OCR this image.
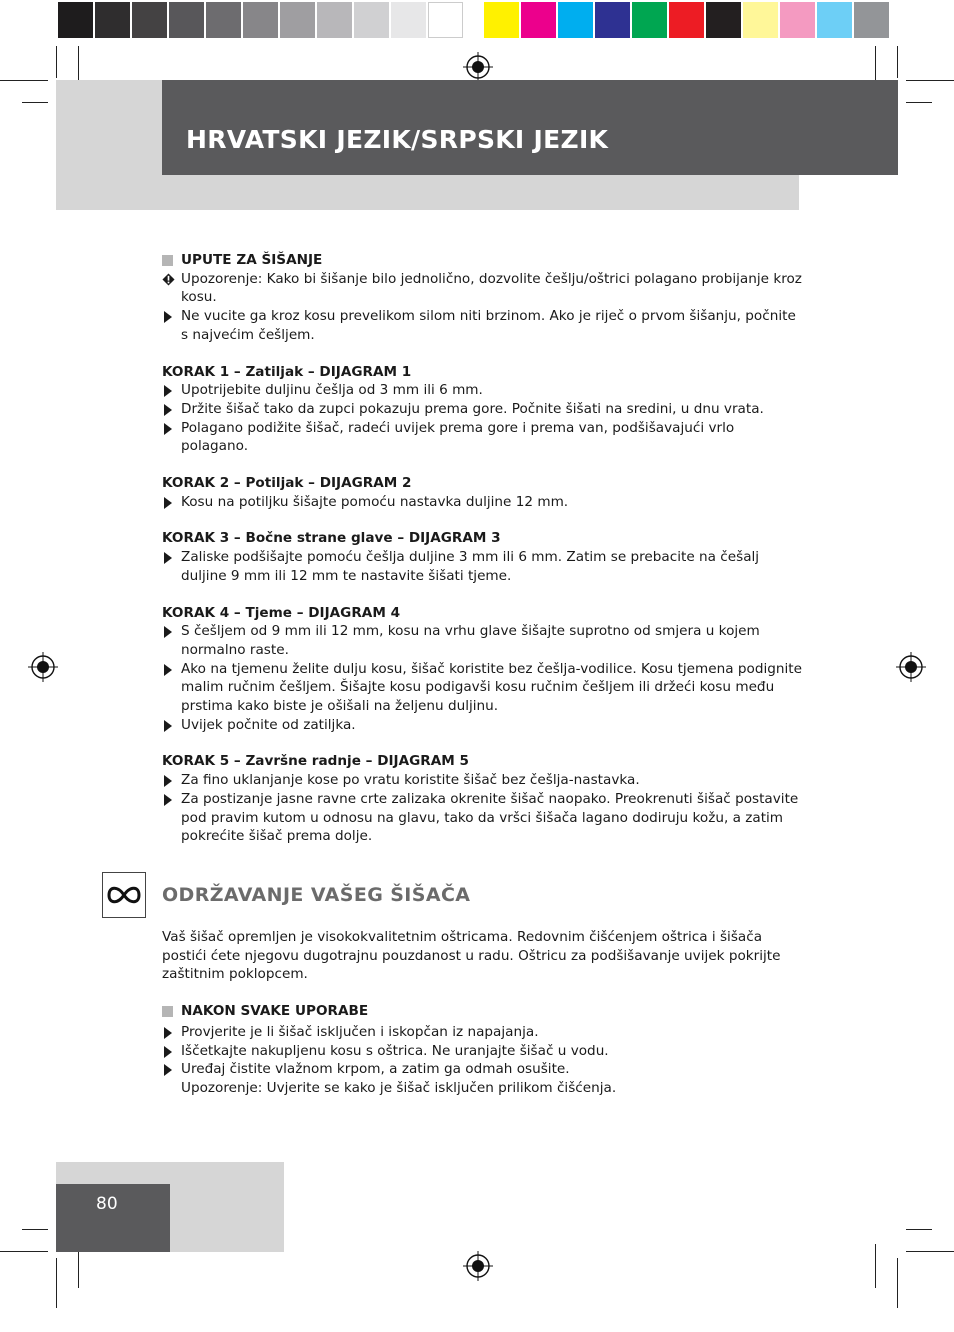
HRVATSKI JEZIK/SRPSKI JEZIK

UPUTE ZA ŠIŠANJE

Upozorenje: Kako bi šišanje bilo jednolično, dozvolite češlju/oštrici polagano probijanje kroz kosu.
Ne vucite ga kroz kosu prevelikom silom niti brzinom. Ako je riječ o prvom šišanju, počnite s najvećim češljem.

KORAK 1 – Zatiljak – DIJAGRAM 1

Upotrijebite duljinu češlja od 3 mm ili 6 mm.
Držite šišač tako da zupci pokazuju prema gore. Počnite šišati na sredini, u dnu vrata.
Polagano podižite šišač, radeći uvijek prema gore i prema van, podšišavajući vrlo polagano.

KORAK 2 – Potiljak – DIJAGRAM 2

Kosu na potiljku šišajte pomoću nastavka duljine 12 mm.

KORAK 3 – Bočne strane glave – DIJAGRAM 3

Zaliske podšišajte pomoću češlja duljine 3 mm ili 6 mm. Zatim se prebacite na češalj duljine 9 mm ili 12 mm te nastavite šišati tjeme.

KORAK 4 – Tjeme – DIJAGRAM 4

S češljem od 9 mm ili 12 mm, kosu na vrhu glave šišajte suprotno od smjera u kojem normalno raste.
Ako na tjemenu želite dulju kosu, šišač koristite bez češlja-vodilice. Kosu tjemena podignite malim ručnim češljem. Šišajte kosu podigavši kosu ručnim češljem ili držeći kosu među prstima kako biste je ošišali na željenu duljinu.
Uvijek počnite od zatiljka.

KORAK 5 – Završne radnje – DIJAGRAM 5

Za fino uklanjanje kose po vratu koristite šišač bez češlja-nastavka.
Za postizanje jasne ravne crte zalizaka okrenite šišač naopako. Preokrenuti šišač postavite pod pravim kutom u odnosu na glavu, tako da vršci šišača lagano dodiruju kožu, a zatim pokrećite šišač prema dolje.
ODRŽAVANJE VAŠEG ŠIŠAČA

Vaš šišač opremljen je visokokvalitetnim oštricama. Redovnim čišćenjem oštrica i šišača postići ćete njegovu dugotrajnu pouzdanost u radu. Oštricu za podšišavanje uvijek pokrijte zaštitnim poklopcem.

NAKON SVAKE UPORABE

Provjerite je li šišač isključen i iskopčan iz napajanja.
Iščetkajte nakupljenu kosu s oštrica. Ne uranjajte šišač u vodu.
Uređaj čistite vlažnom krpom, a zatim ga odmah osušite.
Upozorenje: Uvjerite se kako je šišač isključen prilikom čišćenja.
80
